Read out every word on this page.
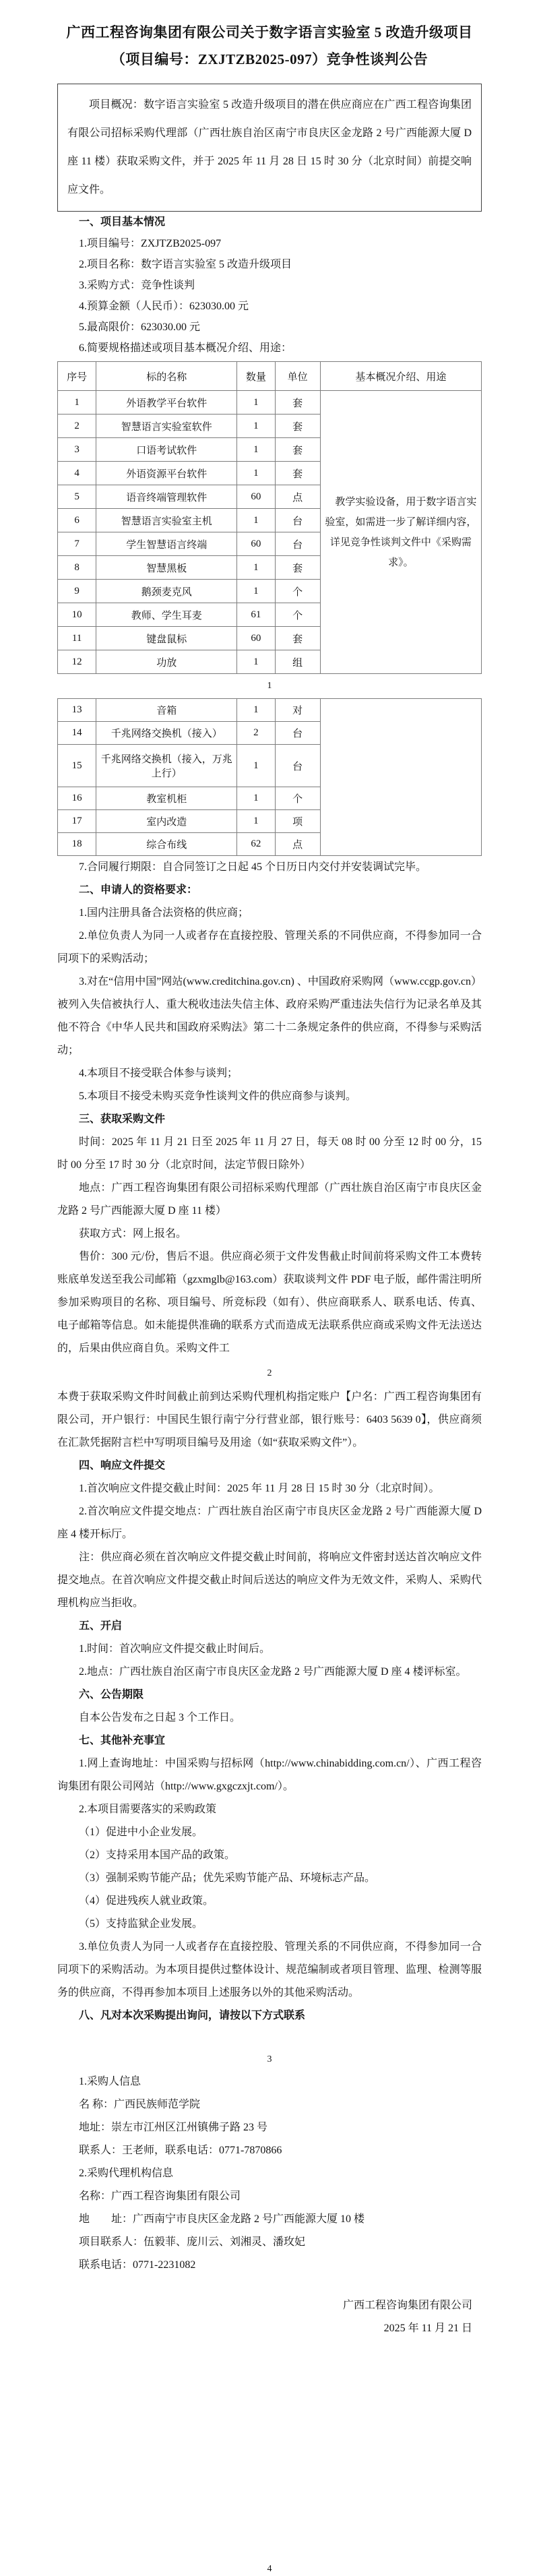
广西工程咨询集团有限公司关于数字语言实验室 5 改造升级项目
（项目编号：ZXJTZB2025-097）竞争性谈判公告
项目概况：数字语言实验室 5 改造升级项目的潜在供应商应在广西工程咨询集团有限公司招标采购代理部（广西壮族自治区南宁市良庆区金龙路 2 号广西能源大厦 D 座 11 楼）获取采购文件，并于 2025 年 11 月 28 日 15 时 30 分（北京时间）前提交响应文件。
一、项目基本情况

1.项目编号：ZXJTZB2025-097

2.项目名称：数字语言实验室 5 改造升级项目

3.采购方式：竞争性谈判

4.预算金额（人民币）：623030.00 元

5.最高限价：623030.00 元

6.简要规格描述或项目基本概况介绍、用途：

序号	标的名称	数量	单位	基本概况介绍、用途
1	外语教学平台软件	1	套	教学实验设备，用于数字语言实验室，如需进一步了解详细内容，详见竞争性谈判文件中《采购需求》。

2	智慧语言实验室软件	1	套	
3	口语考试软件	1	套	
4	外语资源平台软件	1	套	
5	语音终端管理软件	60	点	
6	智慧语言实验室主机	1	台	
7	学生智慧语言终端	60	台	
8	智慧黑板	1	套	
9	鹅颈麦克风	1	个	
10	教师、学生耳麦	61	个	
11	键盘鼠标	60	套	
12	功放	1	组	

1

13	音箱	1	对	
14	千兆网络交换机（接入）	2	台	
15	千兆网络交换机（接入，万兆上行）	1	台	
16	教室机柜	1	个	
17	室内改造	1	项	
18	综合布线	62	点	

7.合同履行期限：自合同签订之日起 45 个日历日内交付并安装调试完毕。

二、申请人的资格要求：

1.国内注册具备合法资格的供应商；

2.单位负责人为同一人或者存在直接控股、管理关系的不同供应商，不得参加同一合同项下的采购活动；

3.对在“信用中国”网站(www.creditchina.gov.cn) 、中国政府采购网（www.ccgp.gov.cn）被列入失信被执行人、重大税收违法失信主体、政府采购严重违法失信行为记录名单及其他不符合《中华人民共和国政府采购法》第二十二条规定条件的供应商，不得参与采购活动；

4.本项目不接受联合体参与谈判；

5.本项目不接受未购买竞争性谈判文件的供应商参与谈判。

三、获取采购文件

时间：2025 年 11 月 21 日至 2025 年 11 月 27 日，每天 08 时 00 分至 12 时 00 分，15 时 00 分至 17 时 30 分（北京时间，法定节假日除外）

地点：广西工程咨询集团有限公司招标采购代理部（广西壮族自治区南宁市良庆区金龙路 2 号广西能源大厦 D 座 11 楼）

获取方式：网上报名。

售价：300 元/份，售后不退。供应商必须于文件发售截止时间前将采购文件工本费转账底单发送至我公司邮箱（gzxmglb@163.com）获取谈判文件 PDF 电子版，邮件需注明所参加采购项目的名称、项目编号、所竞标段（如有）、供应商联系人、联系电话、传真、电子邮箱等信息。如未能提供准确的联系方式而造成无法联系供应商或采购文件无法送达的，后果由供应商自负。采购文件工

2

本费于获取采购文件时间截止前到达采购代理机构指定账户【户名：广西工程咨询集团有限公司，开户银行：中国民生银行南宁分行营业部，银行账号：6403 5639 0】，供应商须在汇款凭据附言栏中写明项目编号及用途（如“获取采购文件”）。

四、响应文件提交

1.首次响应文件提交截止时间：2025 年 11 月 28 日 15 时 30 分（北京时间）。

2.首次响应文件提交地点：广西壮族自治区南宁市良庆区金龙路 2 号广西能源大厦 D 座 4 楼开标厅。

注：供应商必须在首次响应文件提交截止时间前，将响应文件密封送达首次响应文件提交地点。在首次响应文件提交截止时间后送达的响应文件为无效文件，采购人、采购代理机构应当拒收。

五、开启

1.时间：首次响应文件提交截止时间后。

2.地点：广西壮族自治区南宁市良庆区金龙路 2 号广西能源大厦 D 座 4 楼评标室。

六、公告期限

自本公告发布之日起 3 个工作日。

七、其他补充事宜

1.网上查询地址：中国采购与招标网（http://www.chinabidding.com.cn/）、广西工程咨询集团有限公司网站（http://www.gxgczxjt.com/）。

2.本项目需要落实的采购政策

（1）促进中小企业发展。

（2）支持采用本国产品的政策。

（3）强制采购节能产品；优先采购节能产品、环境标志产品。

（4）促进残疾人就业政策。

（5）支持监狱企业发展。

3.单位负责人为同一人或者存在直接控股、管理关系的不同供应商，不得参加同一合同项下的采购活动。为本项目提供过整体设计、规范编制或者项目管理、监理、检测等服务的供应商，不得再参加本项目上述服务以外的其他采购活动。

八、凡对本次采购提出询问，请按以下方式联系

3

1.采购人信息

名 称：广西民族师范学院

地址：崇左市江州区江州镇佛子路 23 号

联系人：王老师，联系电话：0771-7870866

2.采购代理机构信息

名称：广西工程咨询集团有限公司

地　　址：广西南宁市良庆区金龙路 2 号广西能源大厦 10 楼

项目联系人：伍毅菲、庞川云、刘湘灵、潘玫妃

联系电话：0771-2231082

广西工程咨询集团有限公司

2025 年 11 月 21 日

4
